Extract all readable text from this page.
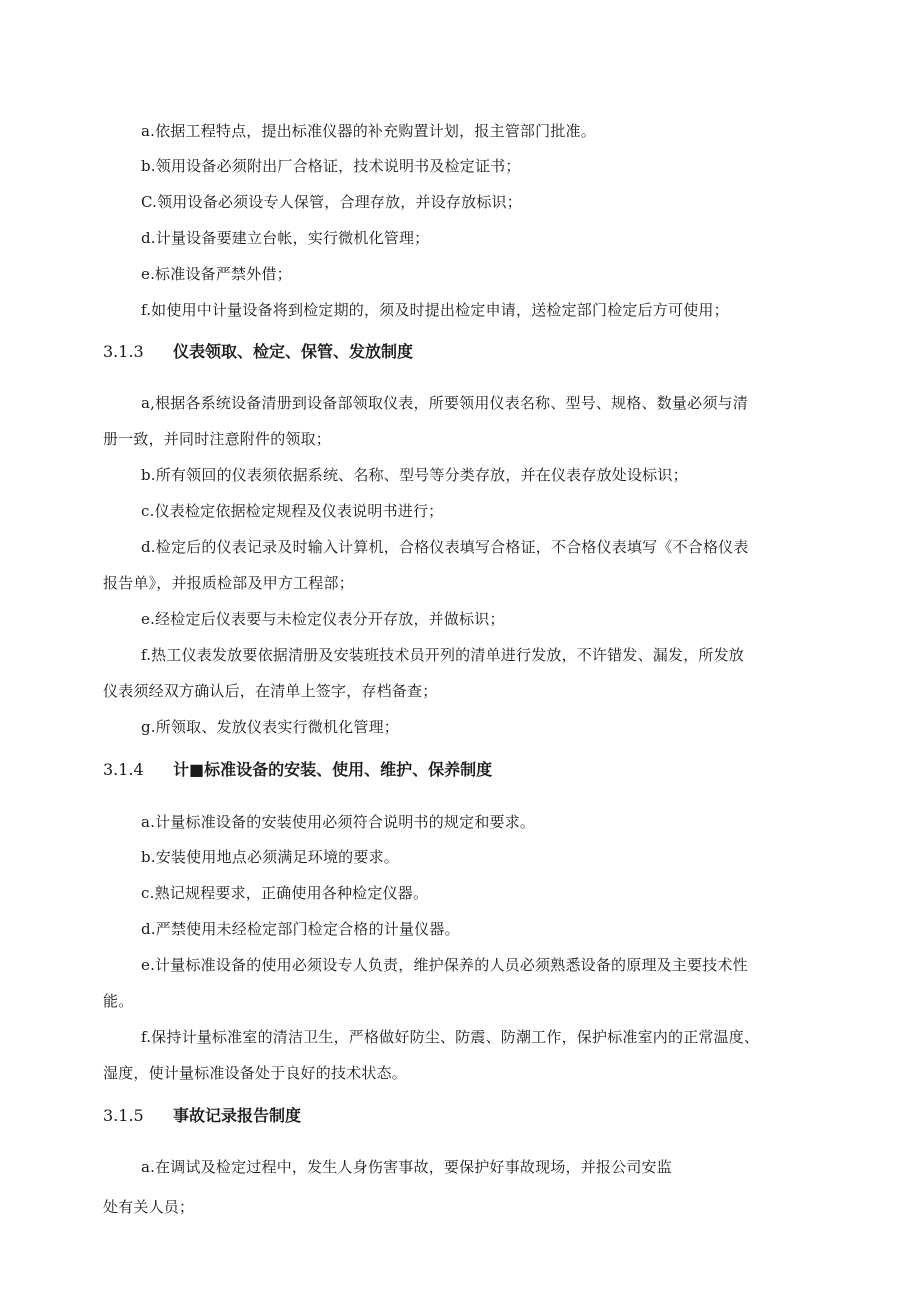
a.依据工程特点，提出标准仪器的补充购置计划，报主管部门批准。
b.领用设备必须附出厂合格证，技术说明书及检定证书；
C.领用设备必须设专人保管，合理存放，并设存放标识；
d.计量设备要建立台帐，实行微机化管理；
e.标准设备严禁外借；
f.如使用中计量设备将到检定期的，须及时提出检定申请，送检定部门检定后方可使用；
3.1.3 仪表领取、检定、保管、发放制度
a,根据各系统设备清册到设备部领取仪表，所要领用仪表名称、型号、规格、数量必须与清
册一致，并同时注意附件的领取；
b.所有领回的仪表须依据系统、名称、型号等分类存放，并在仪表存放处设标识；
c.仪表检定依据检定规程及仪表说明书进行；
d.检定后的仪表记录及时输入计算机，合格仪表填写合格证，不合格仪表填写《不合格仪表
报告单》，并报质检部及甲方工程部；
e.经检定后仪表要与未检定仪表分开存放，并做标识；
f.热工仪表发放要依据清册及安装班技术员开列的清单进行发放，不许错发、漏发，所发放
仪表须经双方确认后，在清单上签字，存档备查；
g.所领取、发放仪表实行微机化管理；
3.1.4 计■标准设备的安装、使用、维护、保养制度
a.计量标准设备的安装使用必须符合说明书的规定和要求。
b.安装使用地点必须满足环境的要求。
c.熟记规程要求，正确使用各种检定仪器。
d.严禁使用未经检定部门检定合格的计量仪器。
e.计量标准设备的使用必须设专人负责，维护保养的人员必须熟悉设备的原理及主要技术性
能。
f.保持计量标准室的清洁卫生，严格做好防尘、防震、防潮工作，保护标准室内的正常温度、
湿度，使计量标准设备处于良好的技术状态。
3.1.5 事故记录报告制度
a.在调试及检定过程中，发生人身伤害事故，要保护好事故现场，并报公司安监
处有关人员；
